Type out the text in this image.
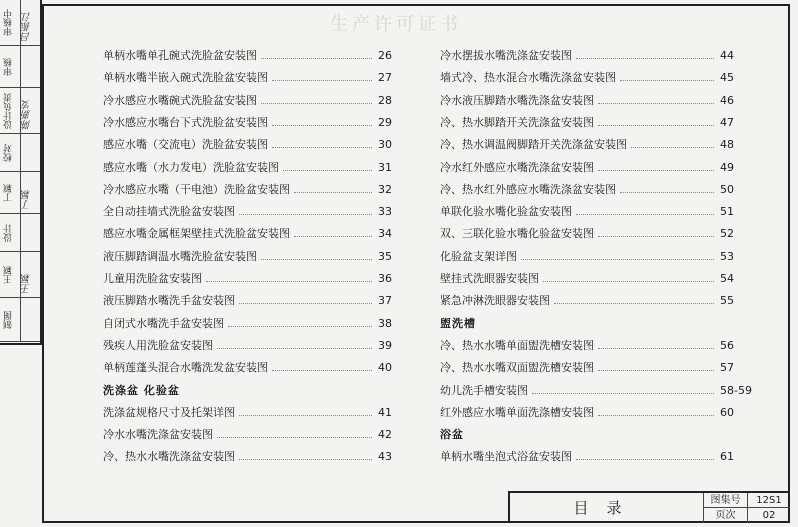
审核中 吕振江
审核
设计负责 陈新安
校对
丁颖 丁颖
设计
王颖 王颖
制图
生产许可证书
单柄水嘴单孔碗式洗脸盆安装图	26
单柄水嘴半嵌入碗式洗脸盆安装图	27
冷水感应水嘴碗式洗脸盆安装图	28
冷水感应水嘴台下式洗脸盆安装图	29
感应水嘴（交流电）洗脸盆安装图	30
感应水嘴（水力发电）洗脸盆安装图	31
冷水感应水嘴（干电池）洗脸盆安装图	32
全自动挂墙式洗脸盆安装图	33
感应水嘴金属框架壁挂式洗脸盆安装图	34
液压脚踏调温水嘴洗脸盆安装图	35
儿童用洗脸盆安装图	36
液压脚踏水嘴洗手盆安装图	37
自闭式水嘴洗手盆安装图	38
残疾人用洗脸盆安装图	39
单柄莲蓬头混合水嘴洗发盆安装图	40
洗涤盆 化验盆
洗涤盆规格尺寸及托架详图	41
冷水水嘴洗涤盆安装图	42
冷、热水水嘴洗涤盆安装图	43
冷水摆拔水嘴洗涤盆安装图	44
墙式冷、热水混合水嘴洗涤盆安装图	45
冷水液压脚踏水嘴洗涤盆安装图	46
冷、热水脚踏开关洗涤盆安装图	47
冷、热水调温阀脚踏开关洗涤盆安装图	48
冷水红外感应水嘴洗涤盆安装图	49
冷、热水红外感应水嘴洗涤盆安装图	50
单联化验水嘴化验盆安装图	51
双、三联化验水嘴化验盆安装图	52
化验盆支架详图	53
壁挂式洗眼器安装图	54
紧急冲淋洗眼器安装图	55
盥洗槽
冷、热水水嘴单面盥洗槽安装图	56
冷、热水水嘴双面盥洗槽安装图	57
幼儿洗手槽安装图	58-59
红外感应水嘴单面洗涤槽安装图	60
浴盆
单柄水嘴坐泡式浴盆安装图	61
目录	图集号	12S1
页次	02
